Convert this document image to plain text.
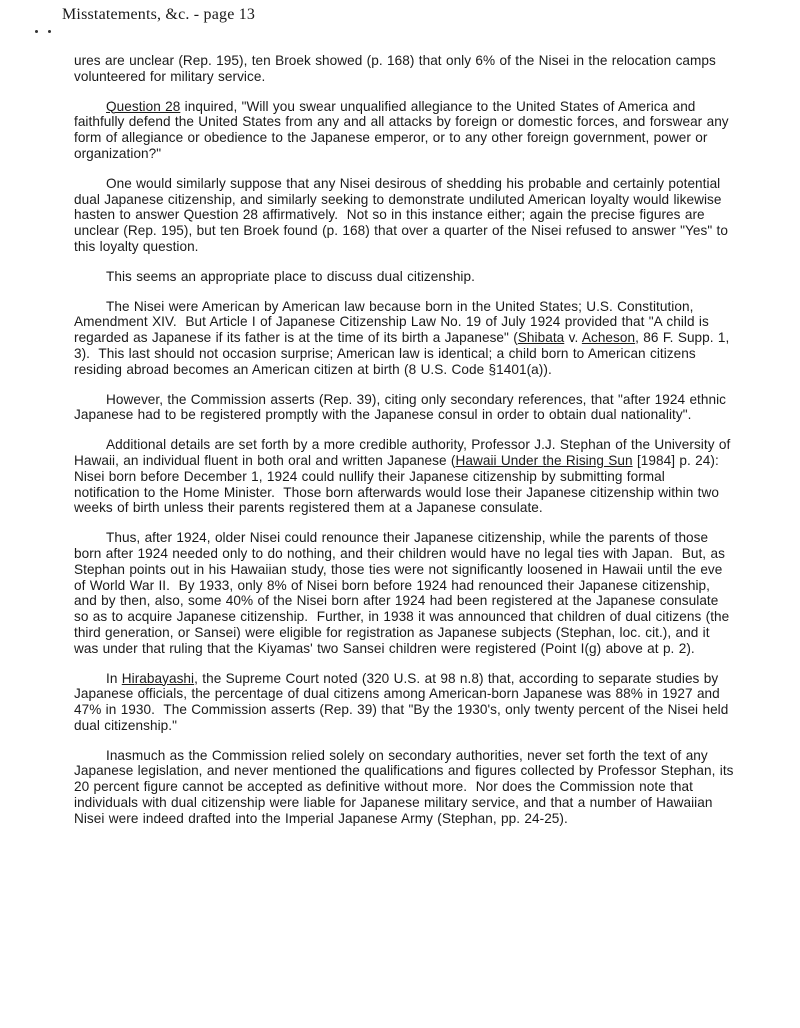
Misstatements, &c. - page 13

ures are unclear (Rep. 195), ten Broek showed (p. 168) that only 6% of the Nisei in the relocation camps volunteered for military service.

Question 28 inquired, "Will you swear unqualified allegiance to the United States of America and faithfully defend the United States from any and all attacks by foreign or domestic forces, and forswear any form of allegiance or obedience to the Japanese emperor, or to any other foreign government, power or organization?"

One would similarly suppose that any Nisei desirous of shedding his probable and certainly potential dual Japanese citizenship, and similarly seeking to demonstrate undiluted American loyalty would likewise hasten to answer Question 28 affirmatively.  Not so in this instance either; again the precise figures are unclear (Rep. 195), but ten Broek found (p. 168) that over a quarter of the Nisei refused to answer "Yes" to this loyalty question.

This seems an appropriate place to discuss dual citizenship.

The Nisei were American by American law because born in the United States; U.S. Constitution, Amendment XIV.  But Article I of Japanese Citizenship Law No. 19 of July 1924 provided that "A child is regarded as Japanese if its father is at the time of its birth a Japanese" (Shibata v. Acheson, 86 F. Supp. 1, 3).  This last should not occasion surprise; American law is identical; a child born to American citizens residing abroad becomes an American citizen at birth (8 U.S. Code §1401(a)).

However, the Commission asserts (Rep. 39), citing only secondary references, that "after 1924 ethnic Japanese had to be registered promptly with the Japanese consul in order to obtain dual nationality".

Additional details are set forth by a more credible authority, Professor J.J. Stephan of the University of Hawaii, an individual fluent in both oral and written Japanese (Hawaii Under the Rising Sun [1984] p. 24):  Nisei born before December 1, 1924 could nullify their Japanese citizenship by submitting formal notification to the Home Minister.  Those born afterwards would lose their Japanese citizenship within two weeks of birth unless their parents registered them at a Japanese consulate.

Thus, after 1924, older Nisei could renounce their Japanese citizenship, while the parents of those born after 1924 needed only to do nothing, and their children would have no legal ties with Japan.  But, as Stephan points out in his Hawaiian study, those ties were not significantly loosened in Hawaii until the eve of World War II.  By 1933, only 8% of Nisei born before 1924 had renounced their Japanese citizenship, and by then, also, some 40% of the Nisei born after 1924 had been registered at the Japanese consulate so as to acquire Japanese citizenship.  Further, in 1938 it was announced that children of dual citizens (the third generation, or Sansei) were eligible for registration as Japanese subjects (Stephan, loc. cit.), and it was under that ruling that the Kiyamas' two Sansei children were registered (Point I(g) above at p. 2).

In Hirabayashi, the Supreme Court noted (320 U.S. at 98 n.8) that, according to separate studies by Japanese officials, the percentage of dual citizens among American-born Japanese was 88% in 1927 and 47% in 1930.  The Commission asserts (Rep. 39) that "By the 1930's, only twenty percent of the Nisei held dual citizenship."

Inasmuch as the Commission relied solely on secondary authorities, never set forth the text of any Japanese legislation, and never mentioned the qualifications and figures collected by Professor Stephan, its 20 percent figure cannot be accepted as definitive without more.  Nor does the Commission note that individuals with dual citizenship were liable for Japanese military service, and that a number of Hawaiian Nisei were indeed drafted into the Imperial Japanese Army (Stephan, pp. 24-25).
